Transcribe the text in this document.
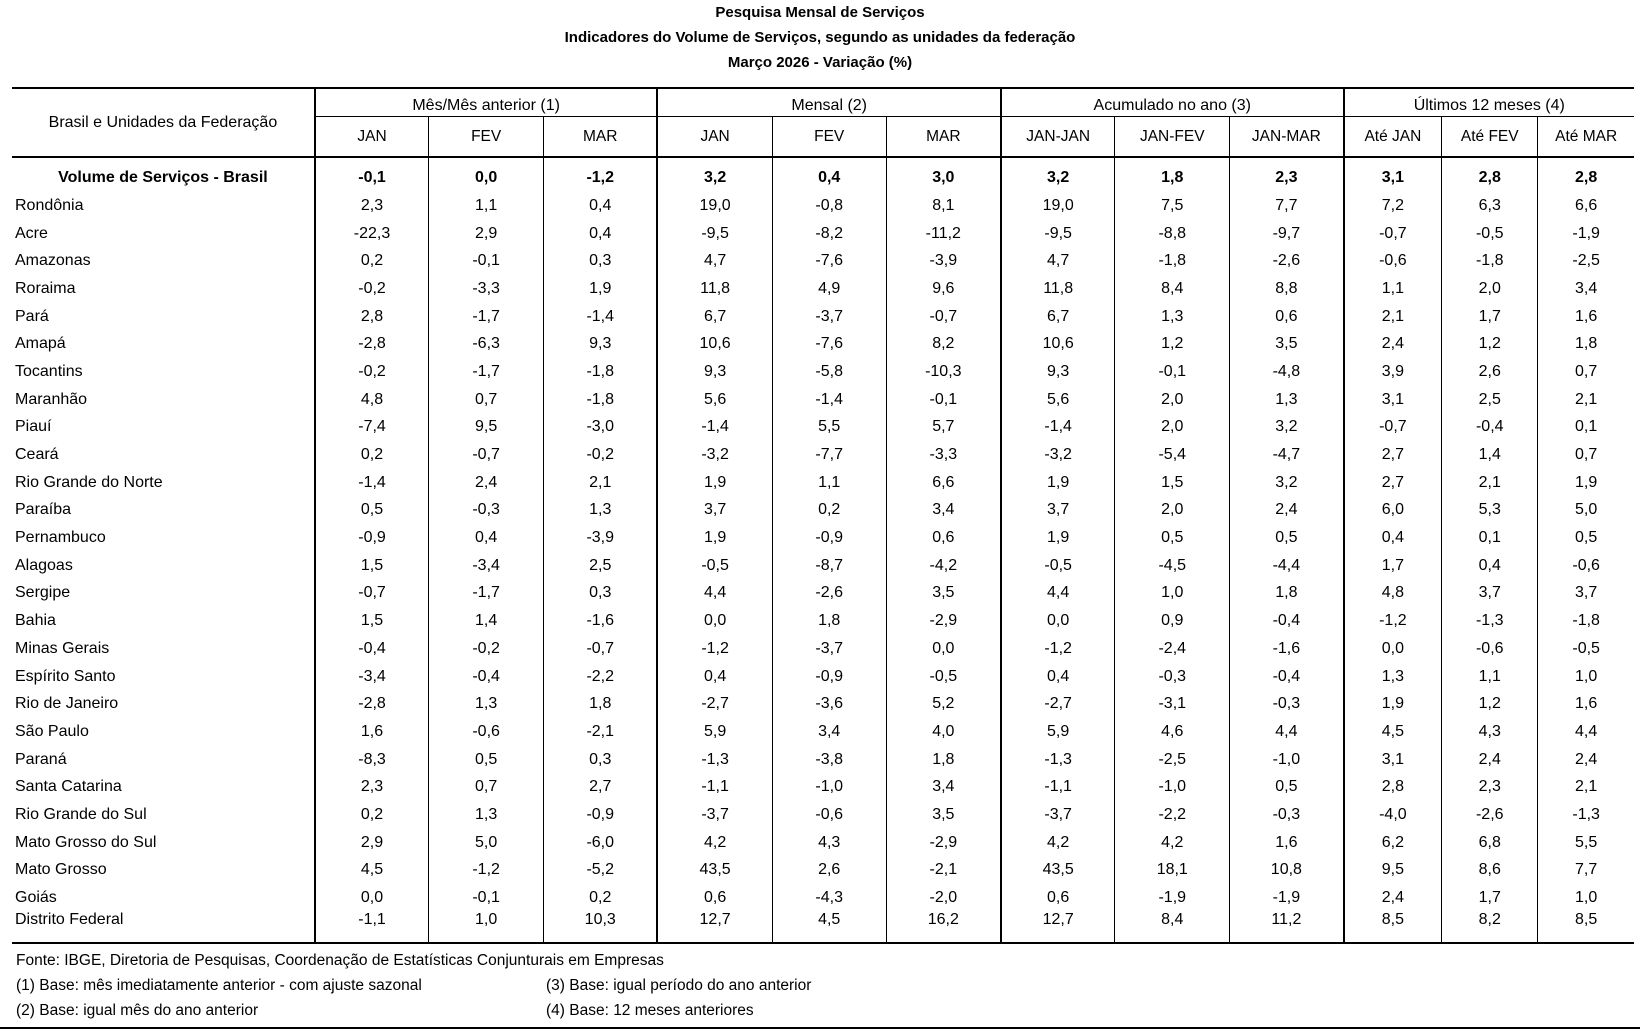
Pesquisa Mensal de Serviços
Indicadores do Volume de Serviços, segundo as unidades da federação
Março 2026 - Variação (%)
Brasil e Unidades da Federação	Mês/Mês anterior (1)			Mensal (2)			Acumulado no ano (3)			Últimos 12 meses (4)		
	JAN	FEV	MAR	JAN	FEV	MAR	JAN-JAN	JAN-FEV	JAN-MAR	Até JAN	Até FEV	Até MAR
Volume de Serviços - Brasil	-0,1	0,0	-1,2	3,2	0,4	3,0	3,2	1,8	2,3	3,1	2,8	2,8
Rondônia	2,3	1,1	0,4	19,0	-0,8	8,1	19,0	7,5	7,7	7,2	6,3	6,6
Acre	-22,3	2,9	0,4	-9,5	-8,2	-11,2	-9,5	-8,8	-9,7	-0,7	-0,5	-1,9
Amazonas	0,2	-0,1	0,3	4,7	-7,6	-3,9	4,7	-1,8	-2,6	-0,6	-1,8	-2,5
Roraima	-0,2	-3,3	1,9	11,8	4,9	9,6	11,8	8,4	8,8	1,1	2,0	3,4
Pará	2,8	-1,7	-1,4	6,7	-3,7	-0,7	6,7	1,3	0,6	2,1	1,7	1,6
Amapá	-2,8	-6,3	9,3	10,6	-7,6	8,2	10,6	1,2	3,5	2,4	1,2	1,8
Tocantins	-0,2	-1,7	-1,8	9,3	-5,8	-10,3	9,3	-0,1	-4,8	3,9	2,6	0,7
Maranhão	4,8	0,7	-1,8	5,6	-1,4	-0,1	5,6	2,0	1,3	3,1	2,5	2,1
Piauí	-7,4	9,5	-3,0	-1,4	5,5	5,7	-1,4	2,0	3,2	-0,7	-0,4	0,1
Ceará	0,2	-0,7	-0,2	-3,2	-7,7	-3,3	-3,2	-5,4	-4,7	2,7	1,4	0,7
Rio Grande do Norte	-1,4	2,4	2,1	1,9	1,1	6,6	1,9	1,5	3,2	2,7	2,1	1,9
Paraíba	0,5	-0,3	1,3	3,7	0,2	3,4	3,7	2,0	2,4	6,0	5,3	5,0
Pernambuco	-0,9	0,4	-3,9	1,9	-0,9	0,6	1,9	0,5	0,5	0,4	0,1	0,5
Alagoas	1,5	-3,4	2,5	-0,5	-8,7	-4,2	-0,5	-4,5	-4,4	1,7	0,4	-0,6
Sergipe	-0,7	-1,7	0,3	4,4	-2,6	3,5	4,4	1,0	1,8	4,8	3,7	3,7
Bahia	1,5	1,4	-1,6	0,0	1,8	-2,9	0,0	0,9	-0,4	-1,2	-1,3	-1,8
Minas Gerais	-0,4	-0,2	-0,7	-1,2	-3,7	0,0	-1,2	-2,4	-1,6	0,0	-0,6	-0,5
Espírito Santo	-3,4	-0,4	-2,2	0,4	-0,9	-0,5	0,4	-0,3	-0,4	1,3	1,1	1,0
Rio de Janeiro	-2,8	1,3	1,8	-2,7	-3,6	5,2	-2,7	-3,1	-0,3	1,9	1,2	1,6
São Paulo	1,6	-0,6	-2,1	5,9	3,4	4,0	5,9	4,6	4,4	4,5	4,3	4,4
Paraná	-8,3	0,5	0,3	-1,3	-3,8	1,8	-1,3	-2,5	-1,0	3,1	2,4	2,4
Santa Catarina	2,3	0,7	2,7	-1,1	-1,0	3,4	-1,1	-1,0	0,5	2,8	2,3	2,1
Rio Grande do Sul	0,2	1,3	-0,9	-3,7	-0,6	3,5	-3,7	-2,2	-0,3	-4,0	-2,6	-1,3
Mato Grosso do Sul	2,9	5,0	-6,0	4,2	4,3	-2,9	4,2	4,2	1,6	6,2	6,8	5,5
Mato Grosso	4,5	-1,2	-5,2	43,5	2,6	-2,1	43,5	18,1	10,8	9,5	8,6	7,7
Goiás	0,0	-0,1	0,2	0,6	-4,3	-2,0	0,6	-1,9	-1,9	2,4	1,7	1,0
Distrito Federal	-1,1	1,0	10,3	12,7	4,5	16,2	12,7	8,4	11,2	8,5	8,2	8,5
Fonte: IBGE, Diretoria de Pesquisas, Coordenação de Estatísticas Conjunturais em Empresas
(1) Base: mês imediatamente anterior - com ajuste sazonal	(3) Base: igual período do ano anterior
(2) Base: igual mês do ano anterior	(4) Base: 12 meses anteriores
